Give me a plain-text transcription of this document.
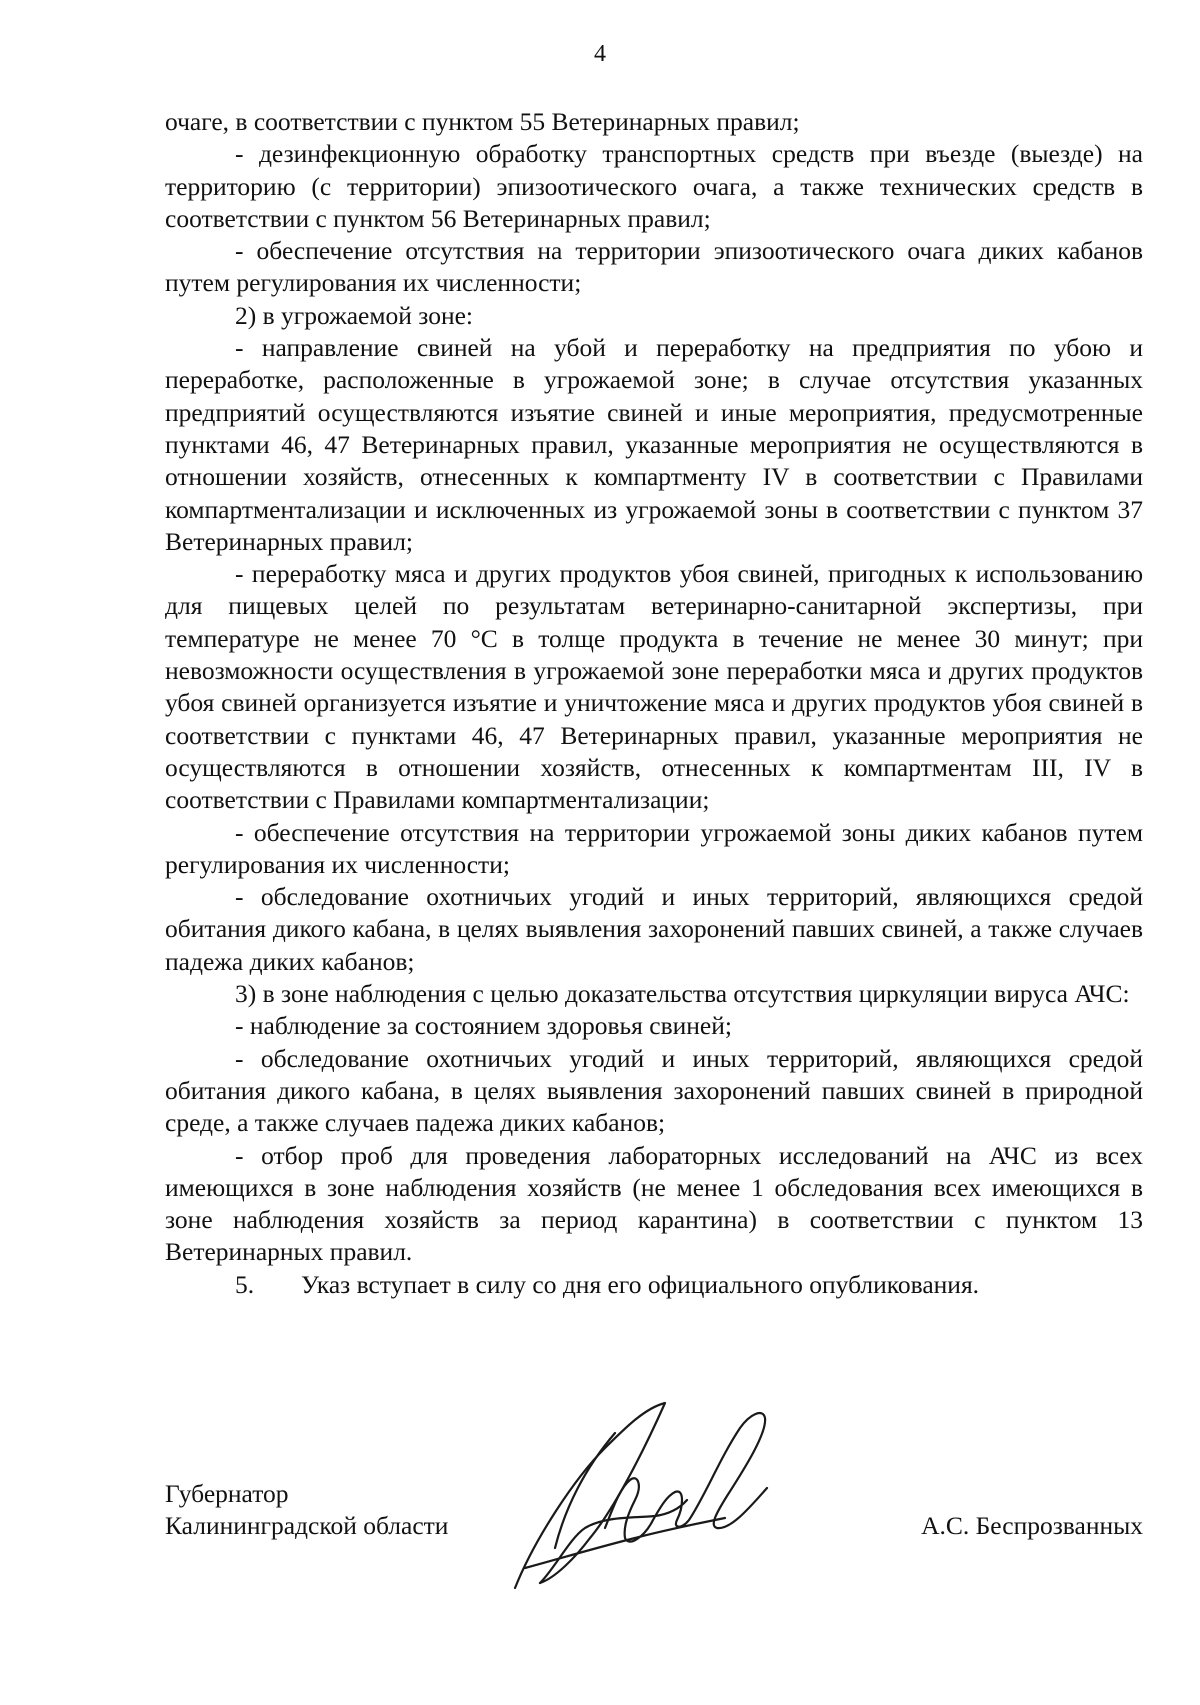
4

очаге, в соответствии с пунктом 55 Ветеринарных правил;

- дезинфекционную обработку транспортных средств при въезде (выезде) на территорию (с территории) эпизоотического очага, а также технических средств в соответствии с пунктом 56 Ветеринарных правил;

- обеспечение отсутствия на территории эпизоотического очага диких кабанов путем регулирования их численности;

2) в угрожаемой зоне:

- направление свиней на убой и переработку на предприятия по убою и переработке, расположенные в угрожаемой зоне; в случае отсутствия указанных предприятий осуществляются изъятие свиней и иные мероприятия, предусмотренные пунктами 46, 47 Ветеринарных правил, указанные мероприятия не осуществляются в отношении хозяйств, отнесенных к компартменту IV в соответствии с Правилами компартментализации и исключенных из угрожаемой зоны в соответствии с пунктом 37 Ветеринарных правил;

- переработку мяса и других продуктов убоя свиней, пригодных к использованию для пищевых целей по результатам ветеринарно-санитарной экспертизы, при температуре не менее 70 °С в толще продукта в течение не менее 30 минут; при невозможности осуществления в угрожаемой зоне переработки мяса и других продуктов убоя свиней организуется изъятие и уничтожение мяса и других продуктов убоя свиней в соответствии с пунктами 46, 47 Ветеринарных правил, указанные мероприятия не осуществляются в отношении хозяйств, отнесенных к компартментам III, IV в соответствии с Правилами компартментализации;

- обеспечение отсутствия на территории угрожаемой зоны диких кабанов путем регулирования их численности;

- обследование охотничьих угодий и иных территорий, являющихся средой обитания дикого кабана, в целях выявления захоронений павших свиней, а также случаев падежа диких кабанов;

3) в зоне наблюдения с целью доказательства отсутствия циркуляции вируса АЧС:

- наблюдение за состоянием здоровья свиней;

- обследование охотничьих угодий и иных территорий, являющихся средой обитания дикого кабана, в целях выявления захоронений павших свиней в природной среде, а также случаев падежа диких кабанов;

- отбор проб для проведения лабораторных исследований на АЧС из всех имеющихся в зоне наблюдения хозяйств (не менее 1 обследования всех имеющихся в зоне наблюдения хозяйств за период карантина) в соответствии с пунктом 13 Ветеринарных правил.

5. Указ вступает в силу со дня его официального опубликования.

Губернатор
Калининградской области	А.С. Беспрозванных
